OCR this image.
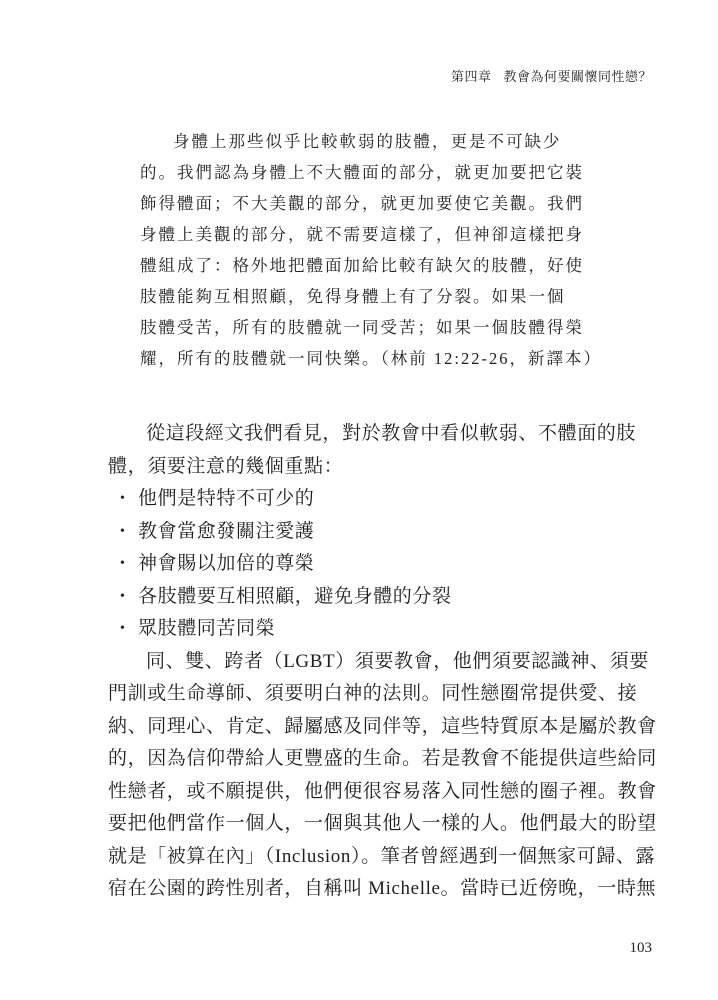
第四章 教會為何要關懷同性戀？
身體上那些似乎比較軟弱的肢體，更是不可缺少
的。我們認為身體上不大體面的部分，就更加要把它裝
飾得體面；不大美觀的部分，就更加要使它美觀。我們
身體上美觀的部分，就不需要這樣了，但神卻這樣把身
體組成了：格外地把體面加給比較有缺欠的肢體，好使
肢體能夠互相照顧，免得身體上有了分裂。如果一個
肢體受苦，所有的肢體就一同受苦；如果一個肢體得榮
耀，所有的肢體就一同快樂。（林前 12:22-26，新譯本）
從這段經文我們看見，對於教會中看似軟弱、不體面的肢
體，須要注意的幾個重點：
• 他們是特特不可少的
• 教會當愈發關注愛護
• 神會賜以加倍的尊榮
• 各肢體要互相照顧，避免身體的分裂
• 眾肢體同苦同榮
同、雙、跨者（LGBT）須要教會，他們須要認識神、須要
門訓或生命導師、須要明白神的法則。同性戀圈常提供愛、接
納、同理心、肯定、歸屬感及同伴等，這些特質原本是屬於教會
的，因為信仰帶給人更豐盛的生命。若是教會不能提供這些給同
性戀者，或不願提供，他們便很容易落入同性戀的圈子裡。教會
要把他們當作一個人，一個與其他人一樣的人。他們最大的盼望
就是「被算在內」（Inclusion）。筆者曾經遇到一個無家可歸、露
宿在公園的跨性別者，自稱叫 Michelle。當時已近傍晚，一時無
103
